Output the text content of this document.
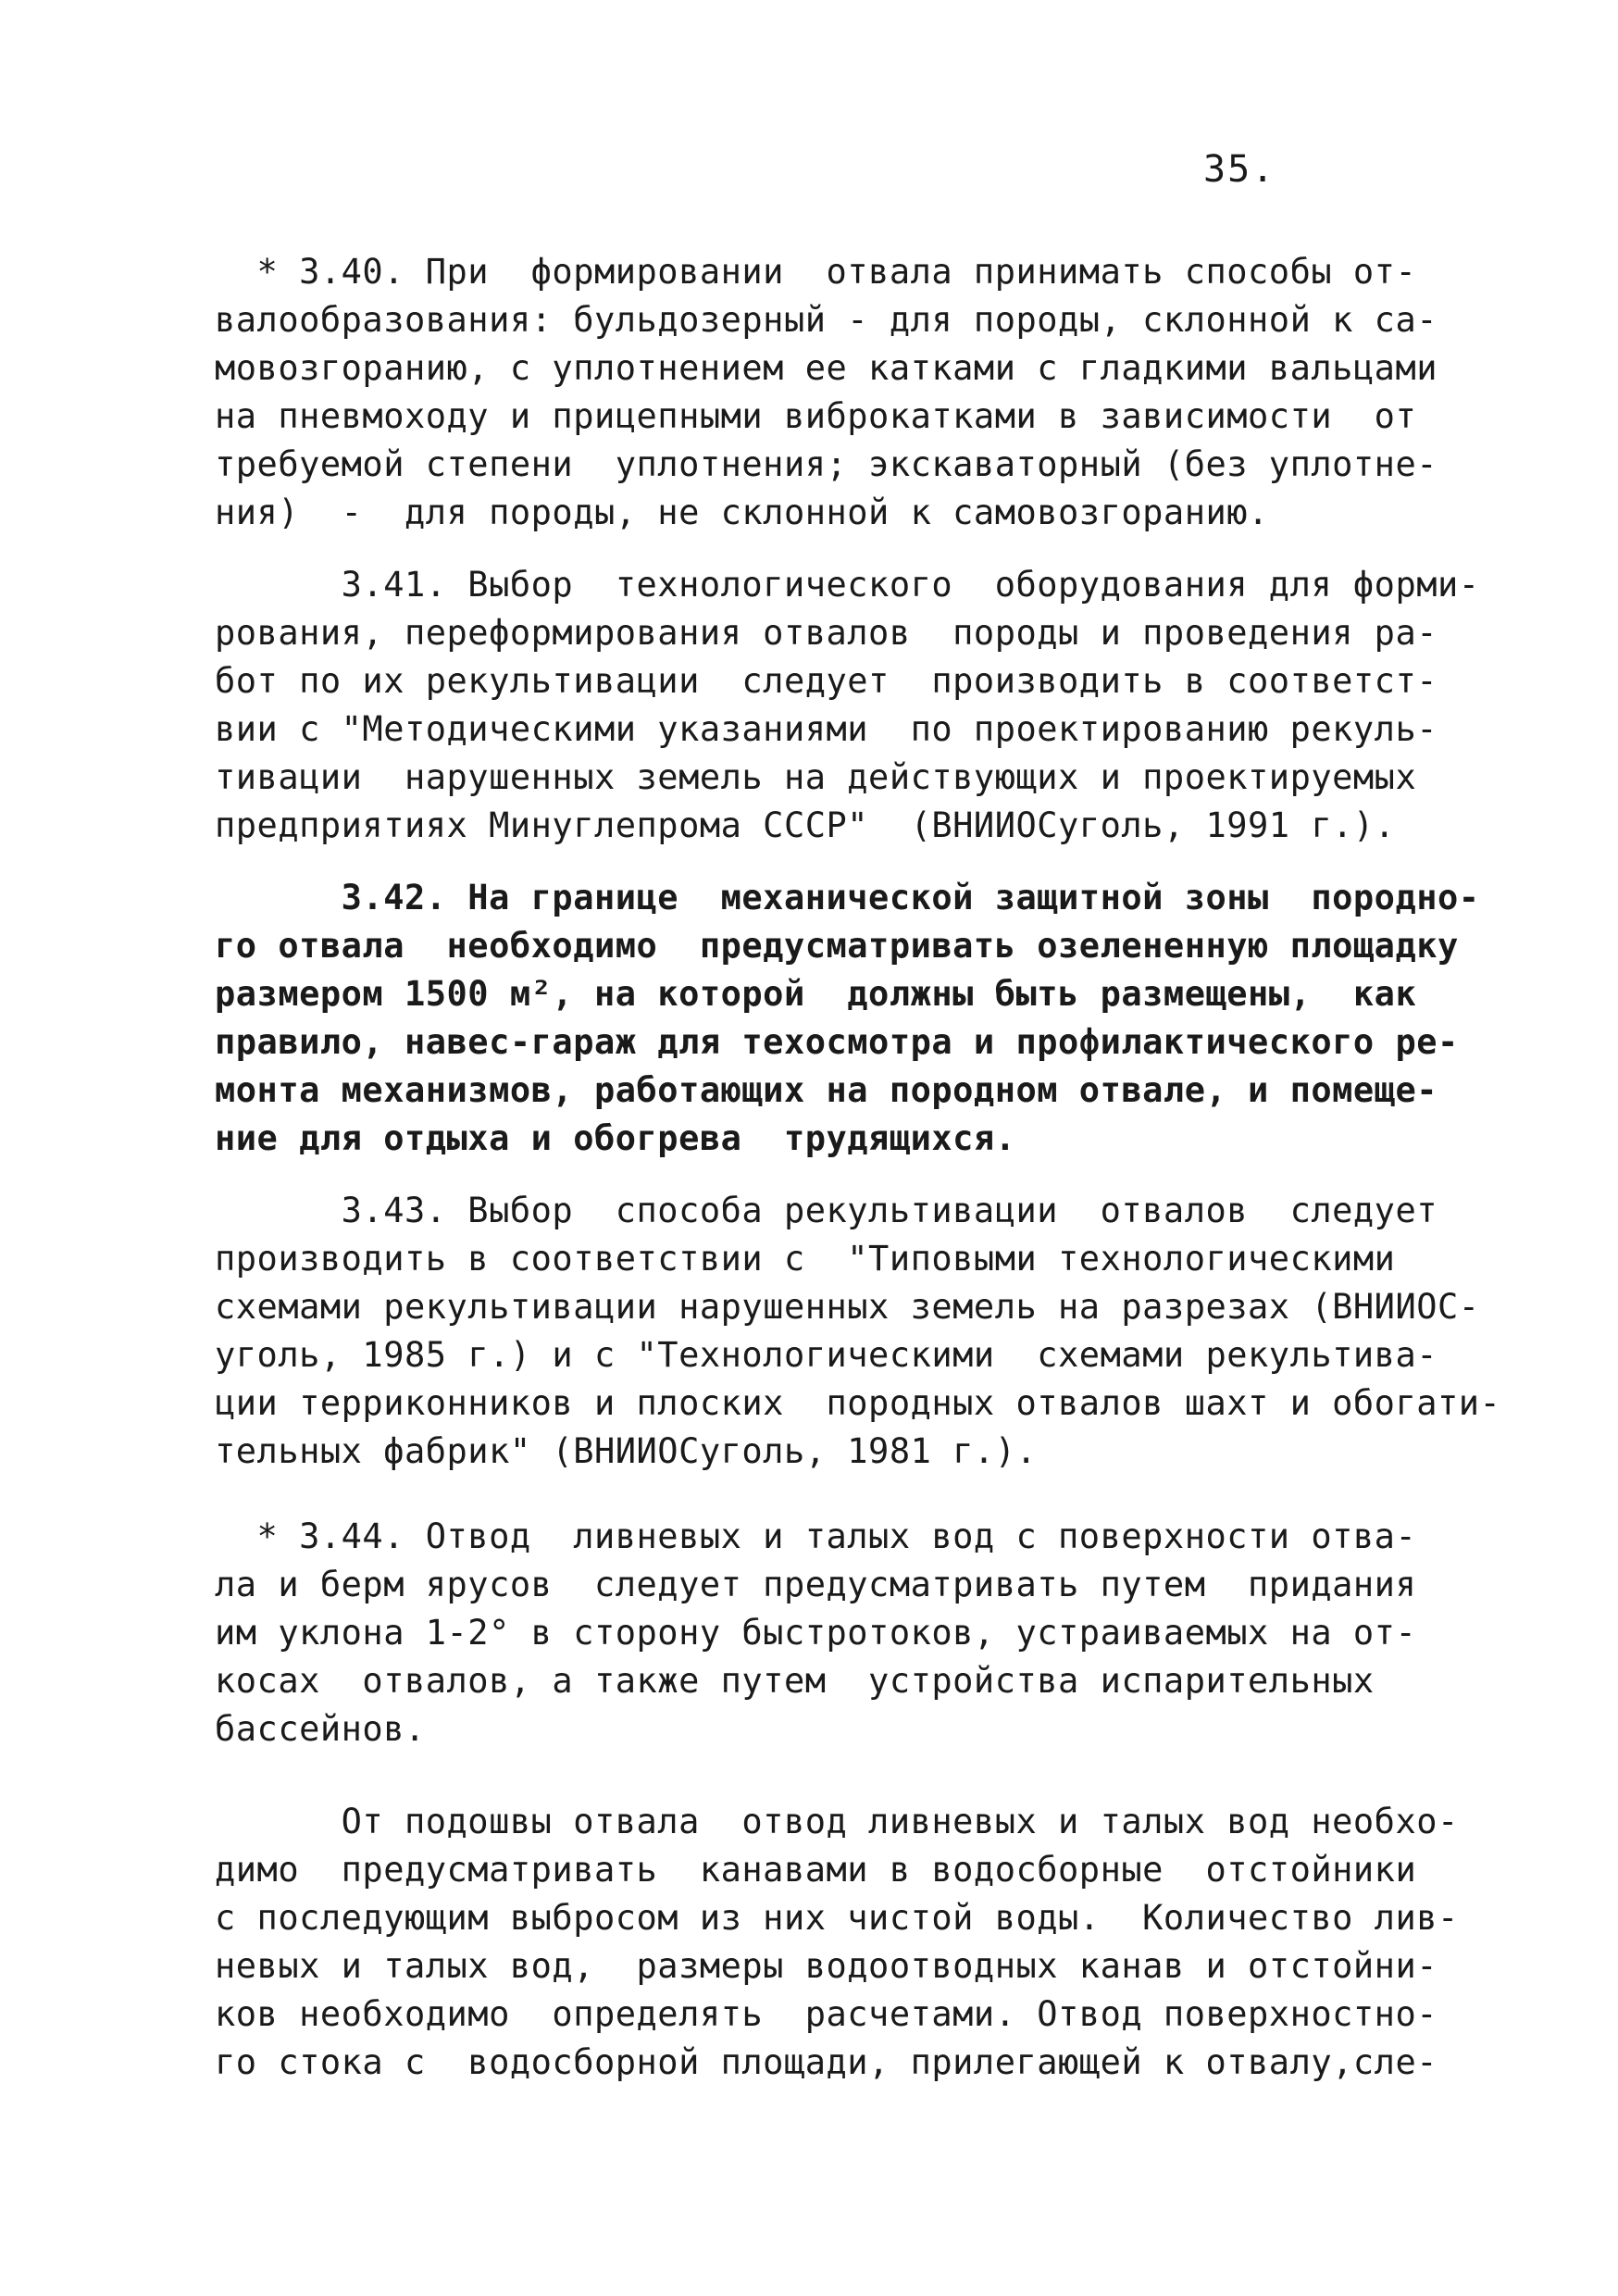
35.
* 3.40. При  формировании  отвала принимать способы от-
валообразования: бульдозерный - для породы, склонной к са-
мовозгоранию, с уплотнением ее катками с гладкими вальцами
на пневмоходу и прицепными виброкатками в зависимости  от
требуемой степени  уплотнения; экскаваторный (без уплотне-
ния)  -  для породы, не склонной к самовозгоранию.
3.41. Выбор  технологического  оборудования для форми-
рования, переформирования отвалов  породы и проведения ра-
бот по их рекультивации  следует  производить в соответст-
вии с "Методическими указаниями  по проектированию рекуль-
тивации  нарушенных земель на действующих и проектируемых
предприятиях Минуглепрома СССР"  (ВНИИОСуголь, 1991 г.).
3.42. На границе  механической защитной зоны  породно-
го отвала  необходимо  предусматривать озелененную площадку
размером 1500 м², на которой  должны быть размещены,  как
правило, навес-гараж для техосмотра и профилактического ре-
монта механизмов, работающих на породном отвале, и помеще-
ние для отдыха и обогрева  трудящихся.
3.43. Выбор  способа рекультивации  отвалов  следует
производить в соответствии с  "Типовыми технологическими
схемами рекультивации нарушенных земель на разрезах (ВНИИОС-
уголь, 1985 г.) и с "Технологическими  схемами рекультива-
ции терриконников и плоских  породных отвалов шахт и обогати-
тельных фабрик" (ВНИИОСуголь, 1981 г.).
* 3.44. Отвод  ливневых и талых вод с поверхности отва-
ла и берм ярусов  следует предусматривать путем  придания
им уклона 1-2° в сторону быстротоков, устраиваемых на от-
косах  отвалов, а также путем  устройства испарительных
бассейнов.
От подошвы отвала  отвод ливневых и талых вод необхо-
димо  предусматривать  канавами в водосборные  отстойники
с последующим выбросом из них чистой воды.  Количество лив-
невых и талых вод,  размеры водоотводных канав и отстойни-
ков необходимо  определять  расчетами. Отвод поверхностно-
го стока с  водосборной площади, прилегающей к отвалу,сле-
